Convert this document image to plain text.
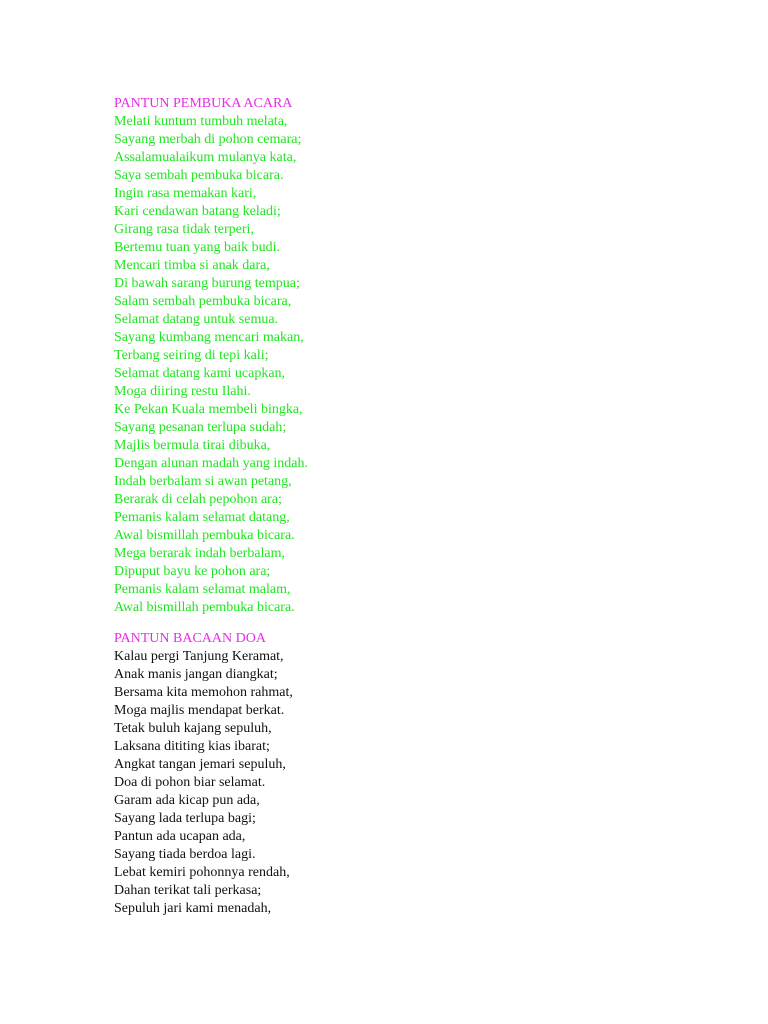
PANTUN PEMBUKA ACARA
Melati kuntum tumbuh melata,
Sayang merbah di pohon cemara;
Assalamualaikum mulanya kata,
Saya sembah pembuka bicara.
Ingin rasa memakan kari,
Kari cendawan batang keladi;
Girang rasa tidak terperi,
Bertemu tuan yang baik budi.
Mencari timba si anak dara,
Di bawah sarang burung tempua;
Salam sembah pembuka bicara,
Selamat datang untuk semua.
Sayang kumbang mencari makan,
Terbang seiring di tepi kali;
Selamat datang kami ucapkan,
Moga diiring restu Ilahi.
Ke Pekan Kuala membeli bingka,
Sayang pesanan terlupa sudah;
Majlis bermula tirai dibuka,
Dengan alunan madah yang indah.
Indah berbalam si awan petang,
Berarak di celah pepohon ara;
Pemanis kalam selamat datang,
Awal bismillah pembuka bicara.
Mega berarak indah berbalam,
Dipuput bayu ke pohon ara;
Pemanis kalam selamat malam,
Awal bismillah pembuka bicara.
PANTUN BACAAN DOA
Kalau pergi Tanjung Keramat,
Anak manis jangan diangkat;
Bersama kita memohon rahmat,
Moga majlis mendapat berkat.
Tetak buluh kajang sepuluh,
Laksana dititing kias ibarat;
Angkat tangan jemari sepuluh,
Doa di pohon biar selamat.
Garam ada kicap pun ada,
Sayang lada terlupa bagi;
Pantun ada ucapan ada,
Sayang tiada berdoa lagi.
Lebat kemiri pohonnya rendah,
Dahan terikat tali perkasa;
Sepuluh jari kami menadah,
